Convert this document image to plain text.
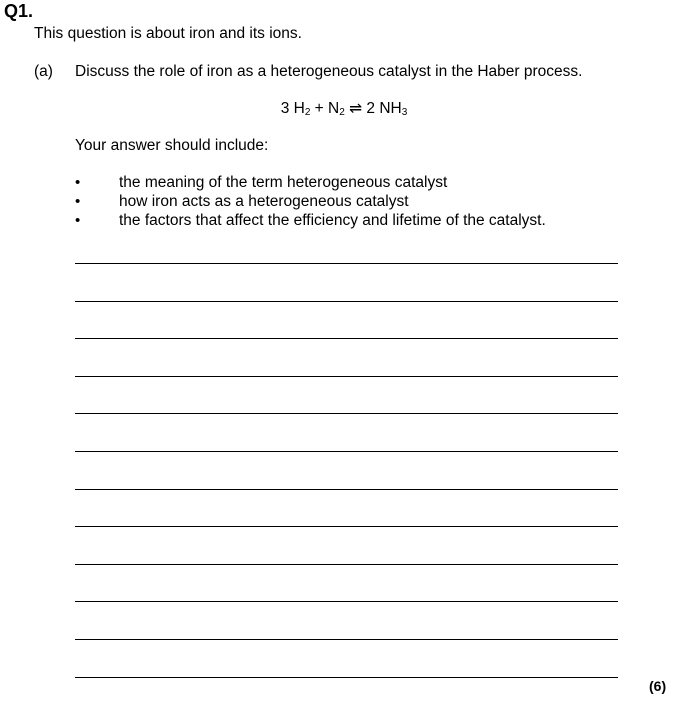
Q1.
This question is about iron and its ions.
(a) Discuss the role of iron as a heterogeneous catalyst in the Haber process.
3 $H_2 + N_2$ ⇌ 2 $NH_3$
Your answer should include:
•	the meaning of the term heterogeneous catalyst
•	how iron acts as a heterogeneous catalyst
•	the factors that affect the efficiency and lifetime of the catalyst.
(6)
